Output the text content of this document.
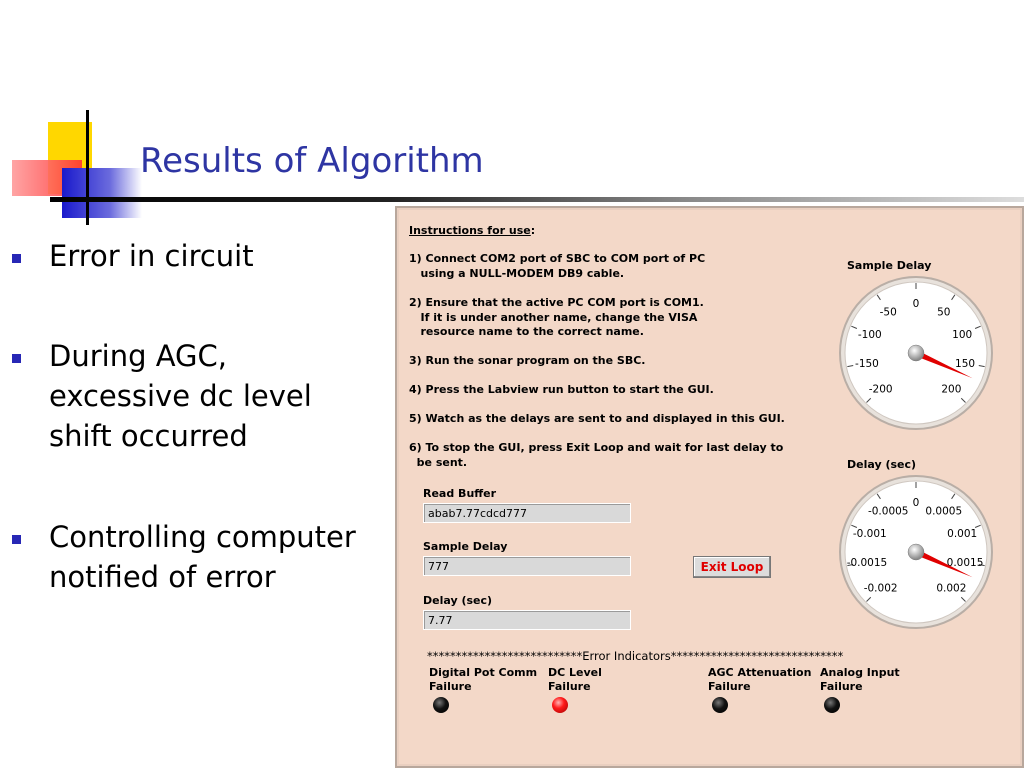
Results of Algorithm
Error in circuit
During AGC, excessive dc level shift occurred
Controlling computer notified of error
Instructions for use:
1) Connect COM2 port of SBC to COM port of PC
using a NULL-MODEM DB9 cable.
2) Ensure that the active PC COM port is COM1.
If it is under another name, change the VISA
resource name to the correct name.
3) Run the sonar program on the SBC.
4) Press the Labview run button to start the GUI.
5) Watch as the delays are sent to and displayed in this GUI.
6) To stop the GUI, press Exit Loop and wait for last delay to
be sent.
Read Buffer
abab7.77cdcd777
Sample Delay
777
Delay (sec)
7.77
Exit Loop
***************************Error Indicators******************************
Digital Pot Comm
Failure
DC Level
Failure
AGC Attenuation
Failure
Analog Input
Failure
Sample Delay
-200
-150
-100
-50
0
50
100
150
200
Delay (sec)
-0.002
-0.0015
-0.001
-0.0005
0
0.0005
0.001
0.0015
0.002
